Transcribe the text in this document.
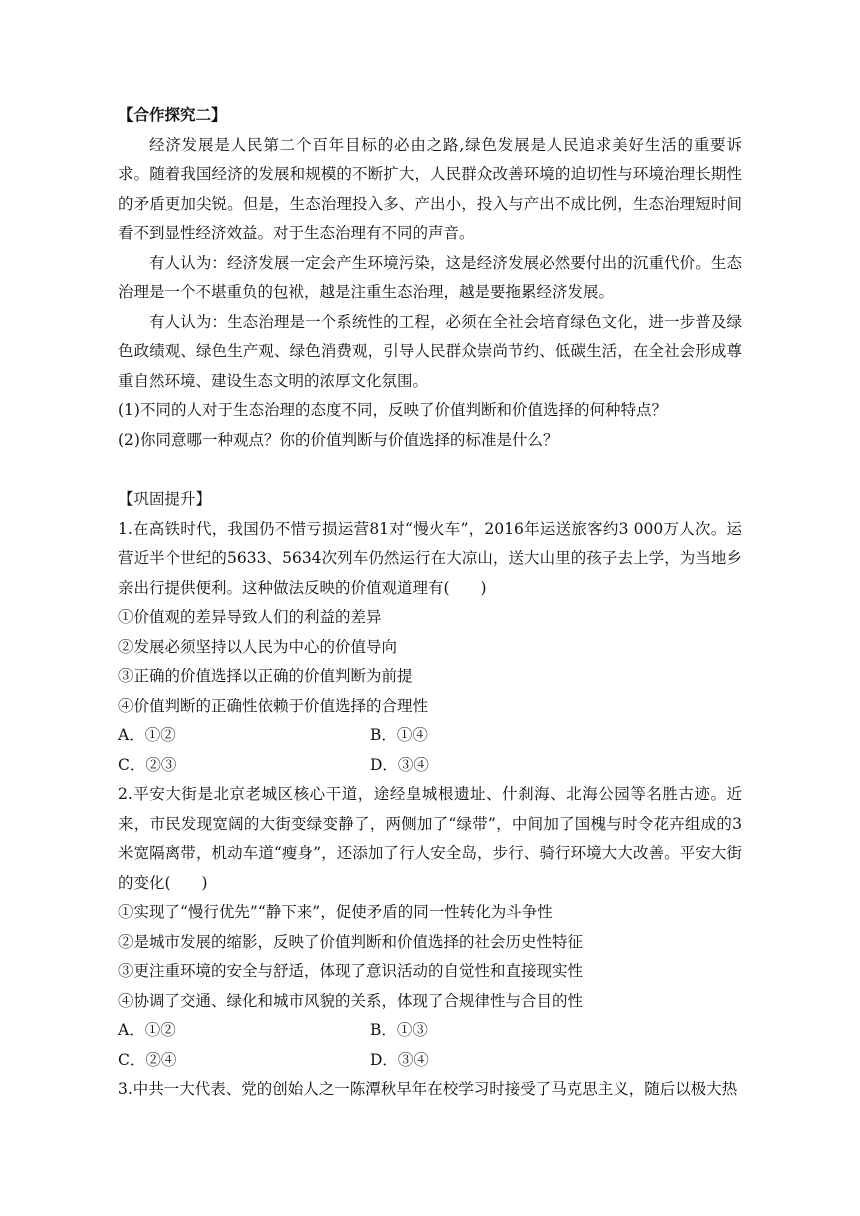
【合作探究二】

经济发展是人民第二个百年目标的必由之路,绿色发展是人民追求美好生活的重要诉求。随着我国经济的发展和规模的不断扩大，人民群众改善环境的迫切性与环境治理长期性的矛盾更加尖锐。但是，生态治理投入多、产出小，投入与产出不成比例，生态治理短时间看不到显性经济效益。对于生态治理有不同的声音。

有人认为：经济发展一定会产生环境污染，这是经济发展必然要付出的沉重代价。生态治理是一个不堪重负的包袱，越是注重生态治理，越是要拖累经济发展。

有人认为：生态治理是一个系统性的工程，必须在全社会培育绿色文化，进一步普及绿色政绩观、绿色生产观、绿色消费观，引导人民群众崇尚节约、低碳生活，在全社会形成尊重自然环境、建设生态文明的浓厚文化氛围。

(1)不同的人对于生态治理的态度不同，反映了价值判断和价值选择的何种特点？

(2)你同意哪一种观点？你的价值判断与价值选择的标准是什么？

【巩固提升】

1.在高铁时代，我国仍不惜亏损运营81对“慢火车”，2016年运送旅客约3 000万人次。运营近半个世纪的5633、5634次列车仍然运行在大凉山，送大山里的孩子去上学，为当地乡亲出行提供便利。这种做法反映的价值观道理有(　　)

①价值观的差异导致人们的利益的差异

②发展必须坚持以人民为中心的价值导向

③正确的价值选择以正确的价值判断为前提

④价值判断的正确性依赖于价值选择的合理性

A．①②	B．①④
C．②③	D．③④

2.平安大街是北京老城区核心干道，途经皇城根遗址、什刹海、北海公园等名胜古迹。近来，市民发现宽阔的大街变绿变静了，两侧加了“绿带”，中间加了国槐与时令花卉组成的3米宽隔离带，机动车道“瘦身”，还添加了行人安全岛，步行、骑行环境大大改善。平安大街的变化(　　)

①实现了“慢行优先”“静下来”，促使矛盾的同一性转化为斗争性

②是城市发展的缩影，反映了价值判断和价值选择的社会历史性特征

③更注重环境的安全与舒适，体现了意识活动的自觉性和直接现实性

④协调了交通、绿化和城市风貌的关系，体现了合规律性与合目的性

A．①②	B．①③
C．②④	D．③④

3.中共一大代表、党的创始人之一陈潭秋早年在校学习时接受了马克思主义，随后以极大热
